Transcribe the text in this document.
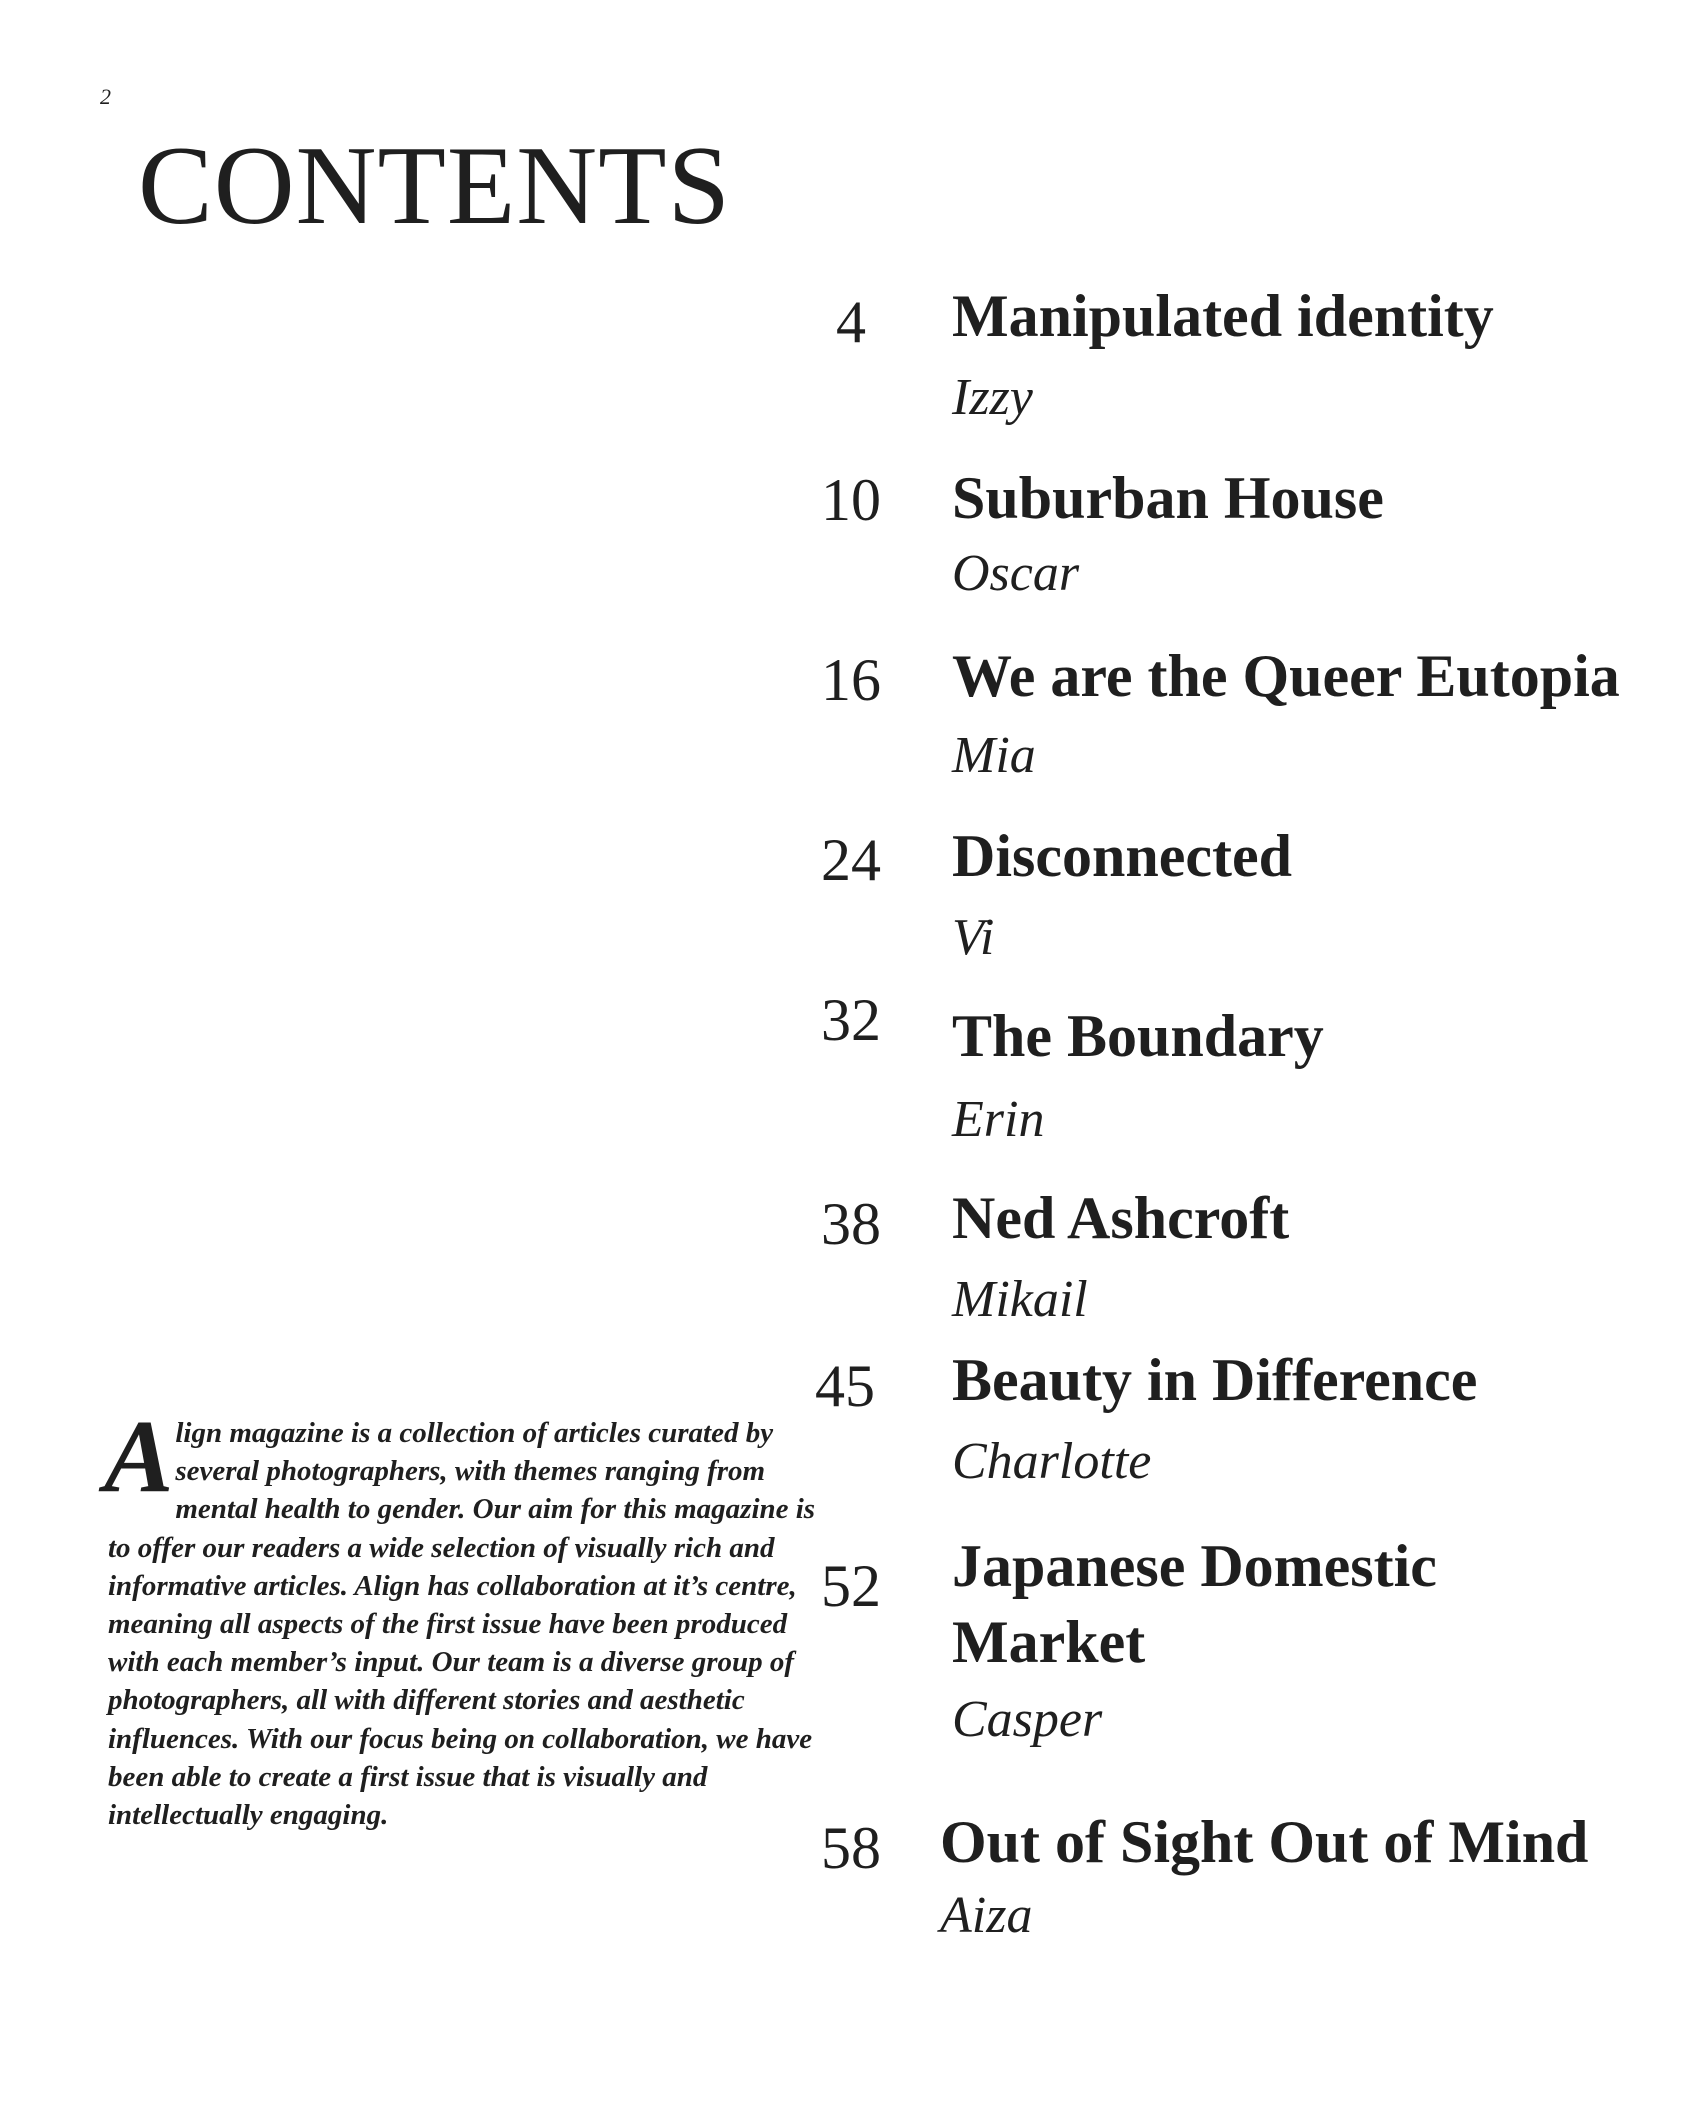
2
CONTENTS
4	Manipulated identity
Izzy
10 Suburban House
Oscar
16 We are the Queer Eutopia
Mia
24 Disconnected
Vi
32 The Boundary
Erin
38 Ned Ashcroft
Mikail
45 Beauty in Difference
Charlotte
52 Japanese Domestic Market
Casper
58 Out of Sight Out of Mind
Aiza
A lign magazine is a collection of articles curated by several photographers, with themes ranging from mental health to gender. Our aim for this magazine is to offer our readers a wide selection of visually rich and informative articles. Align has collaboration at it’s centre, meaning all aspects of the first issue have been produced with each member’s input. Our team is a diverse group of photographers, all with different stories and aesthetic influences. With our focus being on collaboration, we have been able to create a first issue that is visually and intellectually engaging.
